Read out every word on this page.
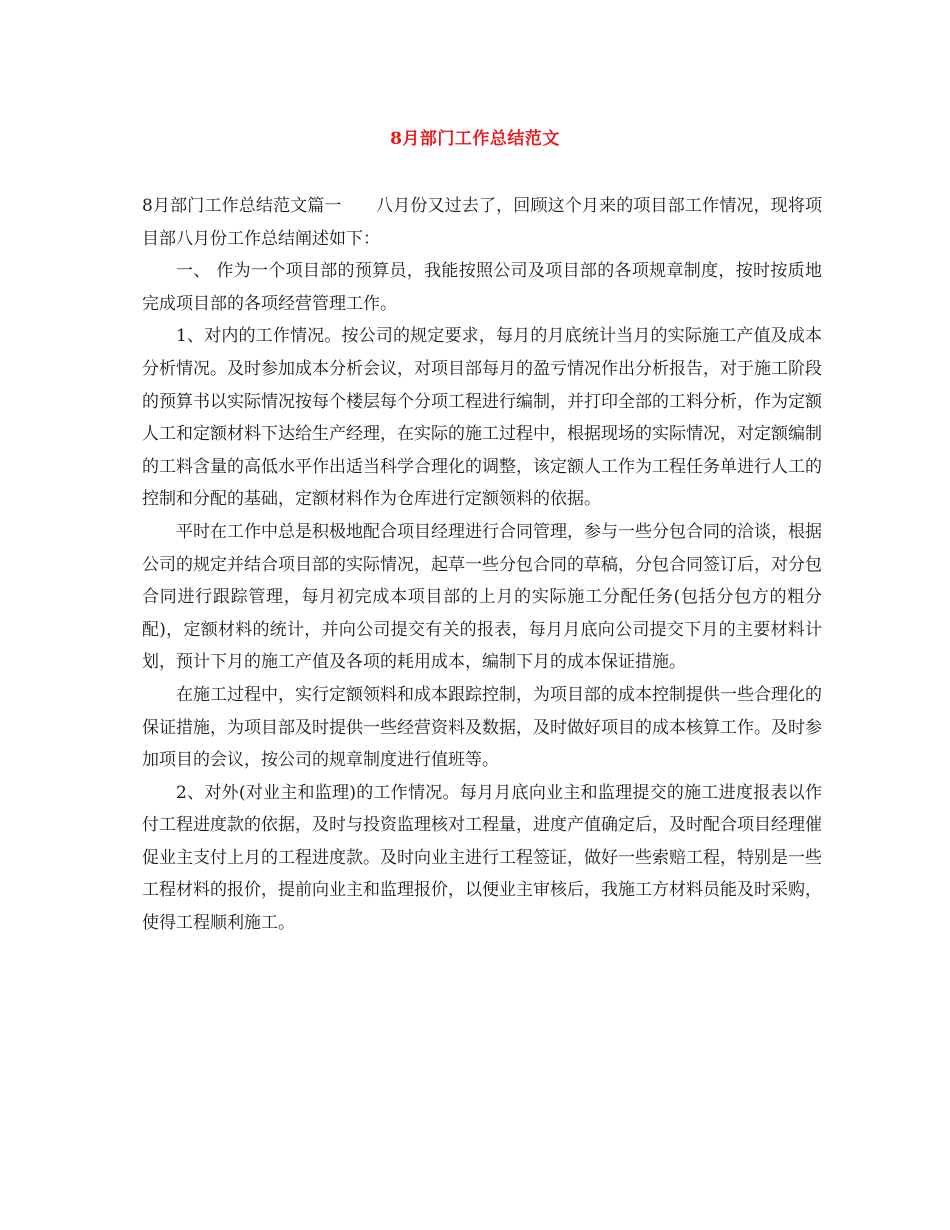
8月部门工作总结范文

8月部门工作总结范文篇一　　八月份又过去了，回顾这个月来的项目部工作情况，现将项目部八月份工作总结阐述如下：

一、 作为一个项目部的预算员，我能按照公司及项目部的各项规章制度，按时按质地完成项目部的各项经营管理工作。

1、对内的工作情况。按公司的规定要求，每月的月底统计当月的实际施工产值及成本分析情况。及时参加成本分析会议，对项目部每月的盈亏情况作出分析报告，对于施工阶段的预算书以实际情况按每个楼层每个分项工程进行编制，并打印全部的工料分析，作为定额人工和定额材料下达给生产经理，在实际的施工过程中，根据现场的实际情况，对定额编制的工料含量的高低水平作出适当科学合理化的调整，该定额人工作为工程任务单进行人工的控制和分配的基础，定额材料作为仓库进行定额领料的依据。

平时在工作中总是积极地配合项目经理进行合同管理，参与一些分包合同的洽谈，根据公司的规定并结合项目部的实际情况，起草一些分包合同的草稿，分包合同签订后，对分包合同进行跟踪管理，每月初完成本项目部的上月的实际施工分配任务(包括分包方的粗分配)，定额材料的统计，并向公司提交有关的报表，每月月底向公司提交下月的主要材料计划，预计下月的施工产值及各项的耗用成本，编制下月的成本保证措施。

在施工过程中，实行定额领料和成本跟踪控制，为项目部的成本控制提供一些合理化的保证措施，为项目部及时提供一些经营资料及数据，及时做好项目的成本核算工作。及时参加项目的会议，按公司的规章制度进行值班等。

2、对外(对业主和监理)的工作情况。每月月底向业主和监理提交的施工进度报表以作付工程进度款的依据，及时与投资监理核对工程量，进度产值确定后，及时配合项目经理催促业主支付上月的工程进度款。及时向业主进行工程签证，做好一些索赔工程，特别是一些工程材料的报价，提前向业主和监理报价，以便业主审核后，我施工方材料员能及时采购，使得工程顺利施工。
